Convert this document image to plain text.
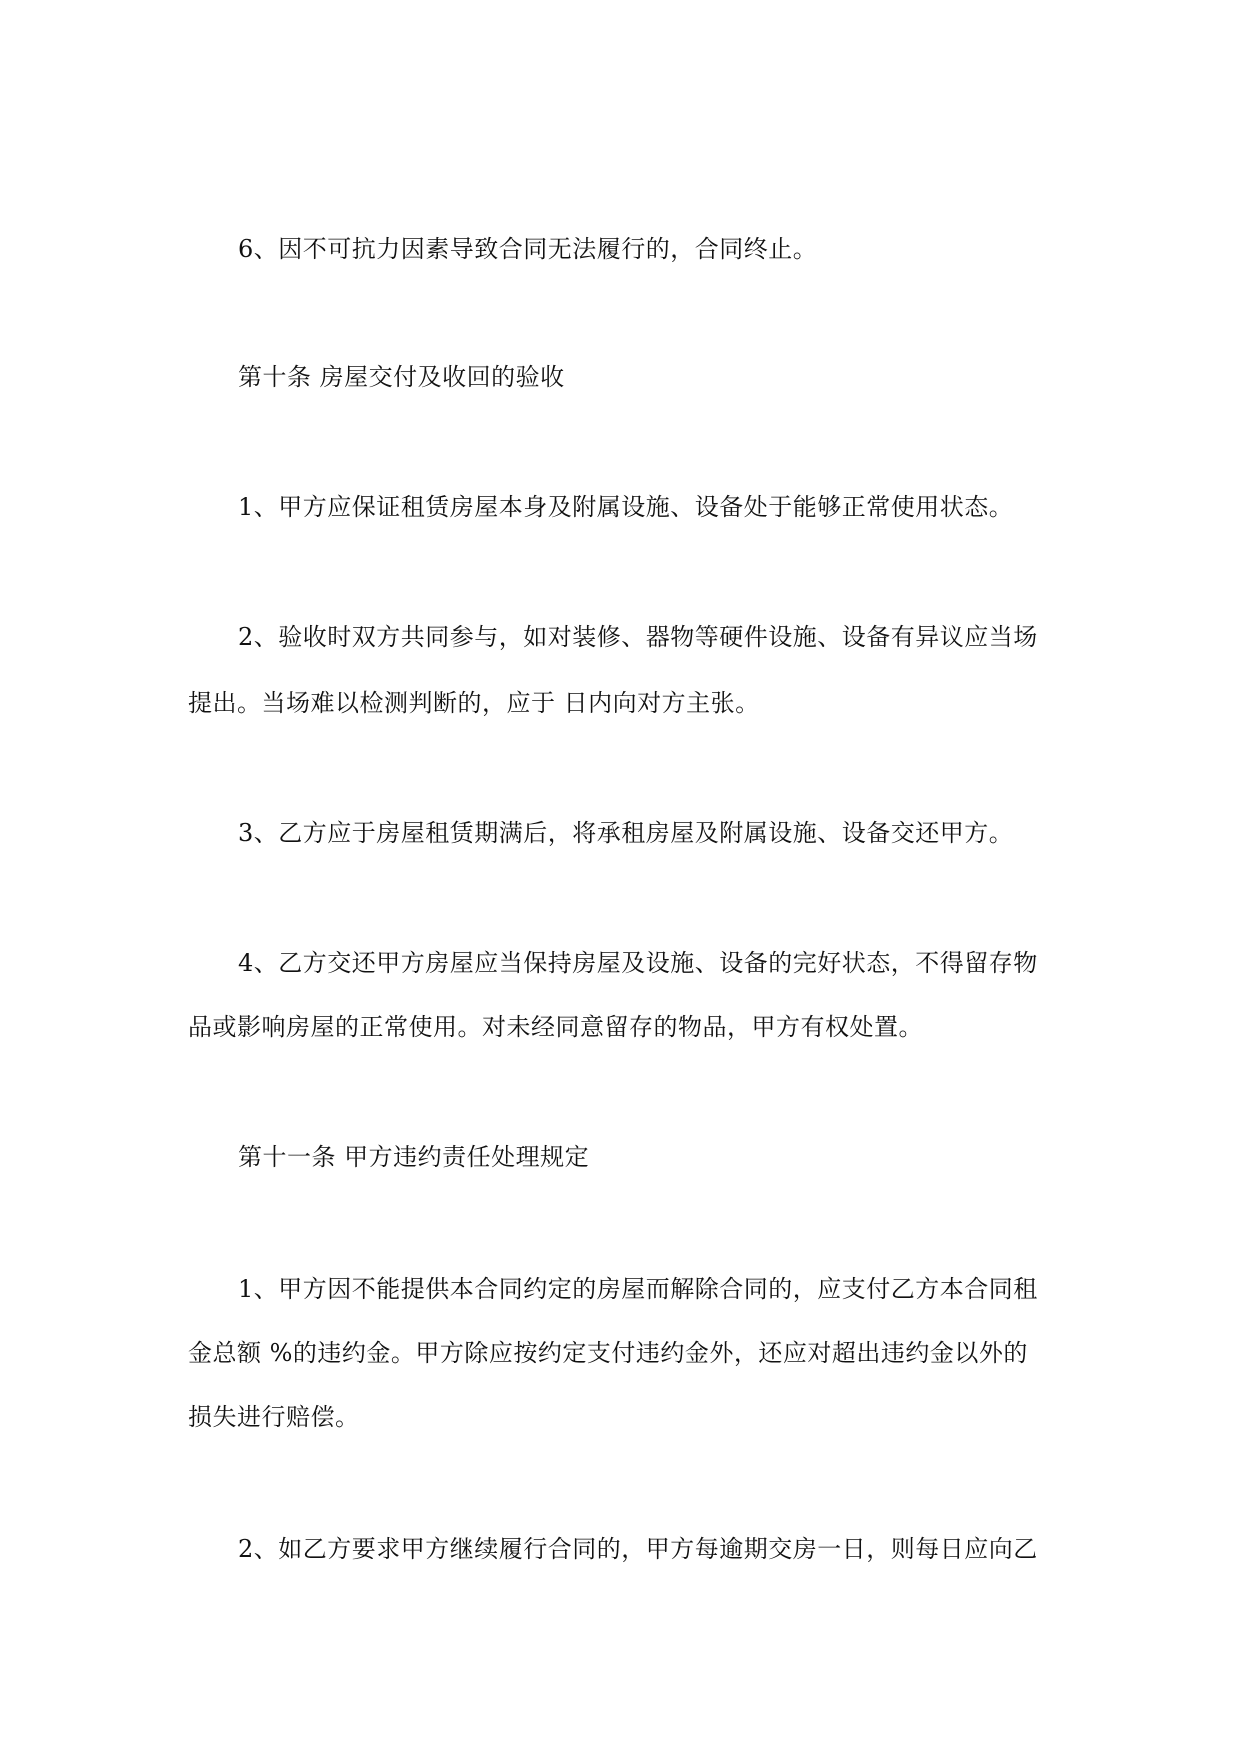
6、因不可抗力因素导致合同无法履行的，合同终止。
第十条 房屋交付及收回的验收
1、甲方应保证租赁房屋本身及附属设施、设备处于能够正常使用状态。
2、验收时双方共同参与，如对装修、器物等硬件设施、设备有异议应当场
提出。当场难以检测判断的，应于 日内向对方主张。
3、乙方应于房屋租赁期满后，将承租房屋及附属设施、设备交还甲方。
4、乙方交还甲方房屋应当保持房屋及设施、设备的完好状态，不得留存物
品或影响房屋的正常使用。对未经同意留存的物品，甲方有权处置。
第十一条 甲方违约责任处理规定
1、甲方因不能提供本合同约定的房屋而解除合同的，应支付乙方本合同租
金总额 %的违约金。甲方除应按约定支付违约金外，还应对超出违约金以外的
损失进行赔偿。
2、如乙方要求甲方继续履行合同的，甲方每逾期交房一日，则每日应向乙
